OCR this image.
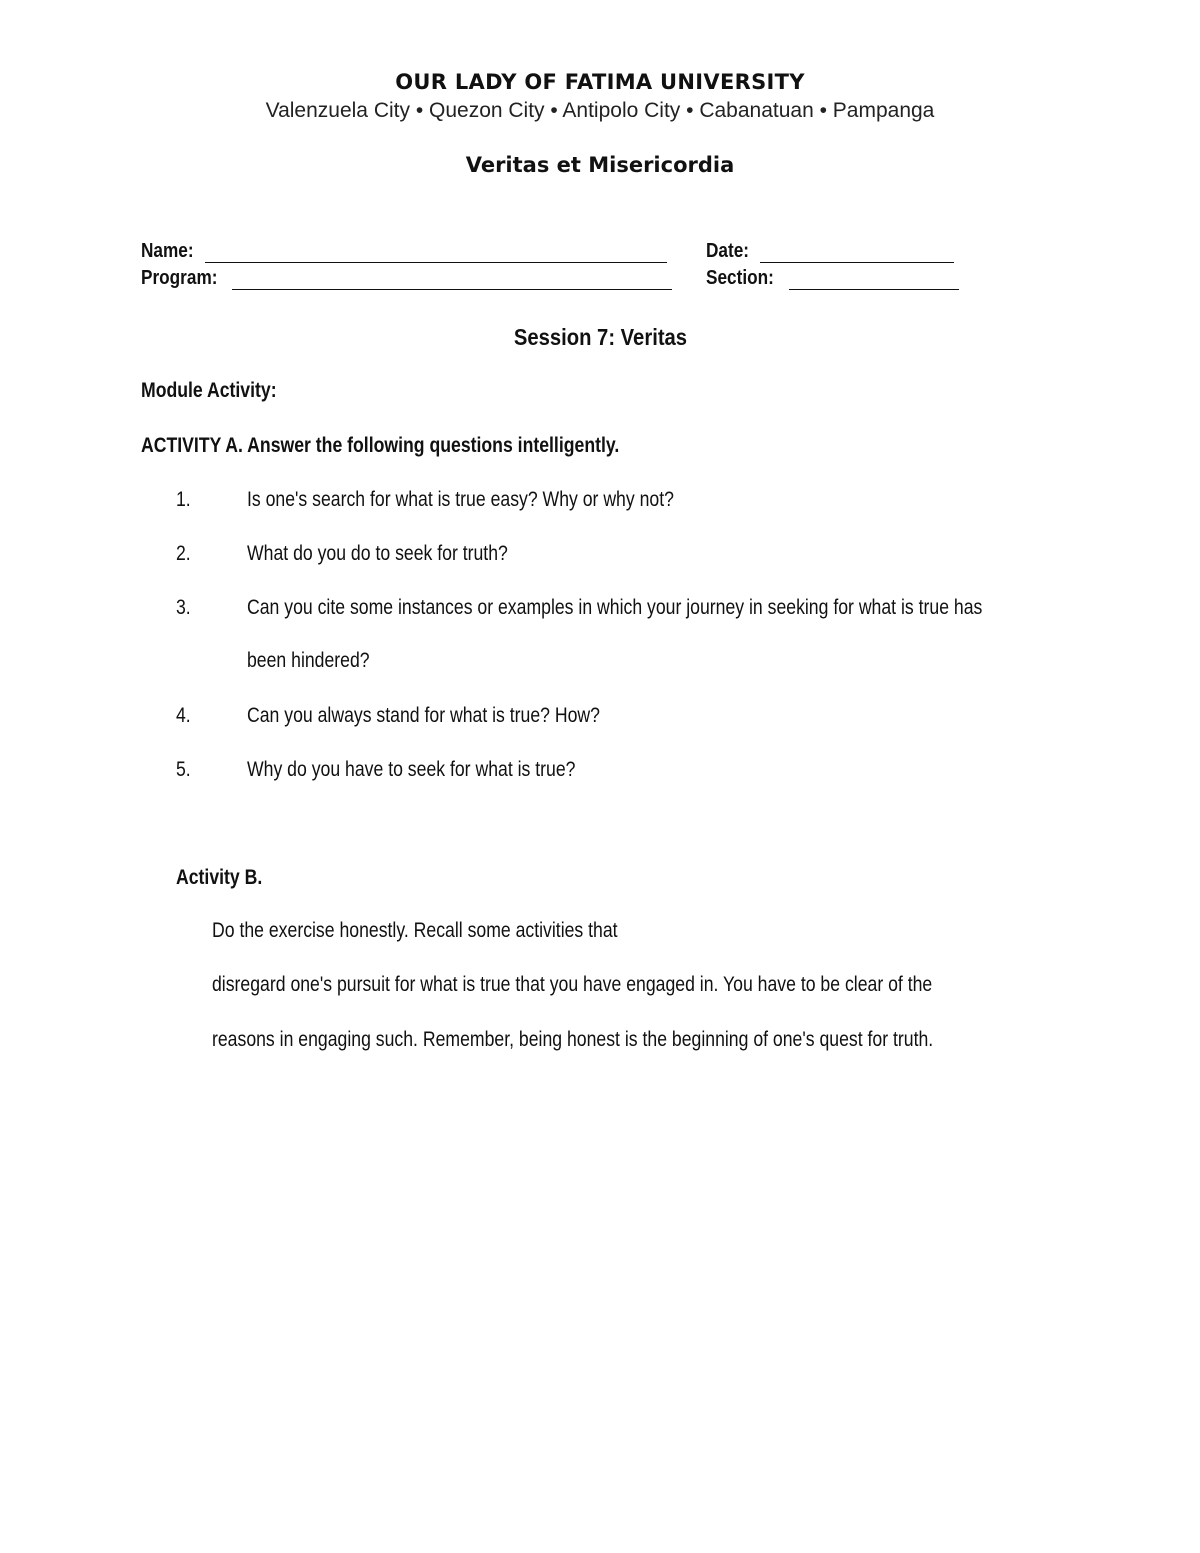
OUR LADY OF FATIMA UNIVERSITY
Valenzuela City • Quezon City • Antipolo City • Cabanatuan • Pampanga
Veritas et Misericordia
Name:	Date:
Program:	Section:
Session 7: Veritas
Module Activity:
ACTIVITY A. Answer the following questions intelligently.
1.	Is one's search for what is true easy? Why or why not?
2.	What do you do to seek for truth?
3.	Can you cite some instances or examples in which your journey in seeking for what is true has
been hindered?
4.	Can you always stand for what is true? How?
5.	Why do you have to seek for what is true?
Activity B.
Do the exercise honestly. Recall some activities that
disregard one's pursuit for what is true that you have engaged in. You have to be clear of the
reasons in engaging such. Remember, being honest is the beginning of one's quest for truth.
